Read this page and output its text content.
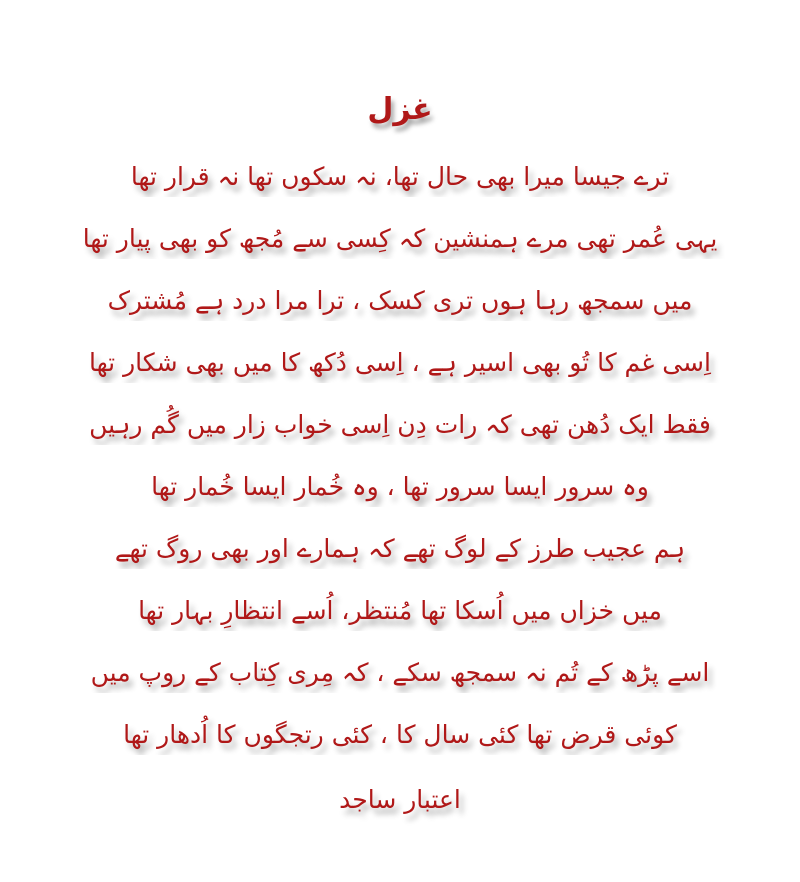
غزل
ترے جیسا میرا بھی حال تھا، نہ سکوں تھا نہ قرار تھا
یہی عُمر تھی مرے ہمنشین کہ کِسی سے مُجھ کو بھی پیار تھا
میں سمجھ رہا ہوں تری کسک ، ترا مرا درد ہے مُشترک
اِسی غم کا تُو بھی اسیر ہے ، اِسی دُکھ کا میں بھی شکار تھا
فقط ایک دُھن تھی کہ رات دِن اِسی خواب زار میں گُم رہیں
وہ سرور ایسا سرور تھا ، وہ خُمار ایسا خُمار تھا
ہم عجیب طرز کے لوگ تھے کہ ہمارے اور بھی روگ تھے
میں خزاں میں اُسکا تھا مُنتظر، اُسے انتظارِ بہار تھا
اسے پڑھ کے تُم نہ سمجھ سکے ، کہ مِری کِتاب کے روپ میں
کوئی قرض تھا کئی سال کا ، کئی رتجگوں کا اُدھار تھا
اعتبار ساجد
